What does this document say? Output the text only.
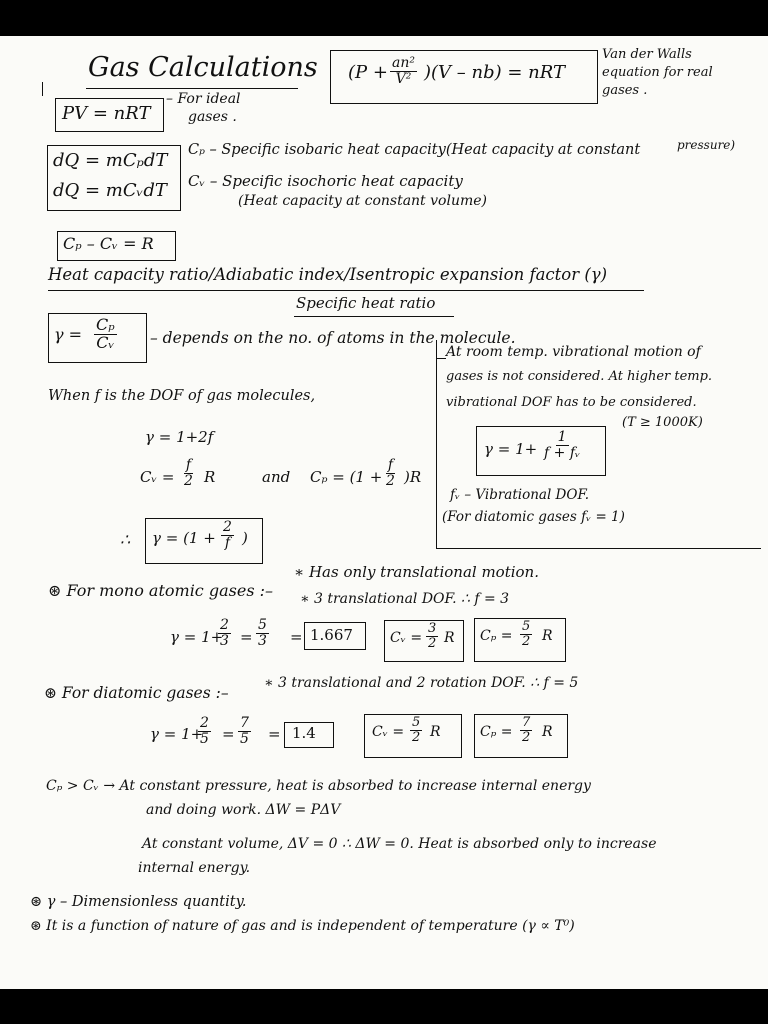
Gas Calculations
PV = nRT
– For ideal
gases .
$(P + \frac{\text{an²}}{\text{V²}} )(V - nb)$ = nRT
Van der Walls
equation for real
gases .
dQ = mCₚdT
dQ = mCᵥdT
Cₚ – Specific isobaric heat capacity(Heat capacity at constant	pressure)
Cᵥ – Specific isochoric heat capacity
(Heat capacity at constant volume)
Cₚ – Cᵥ = R
Heat capacity ratio/Adiabatic index/Isentropic expansion factor (γ)
Specific heat ratio
$\gamma = \frac{\text{Cₚ}}{\text{Cᵥ}}$ – depends on the no. of atoms in the molecule.
When f is the DOF of gas molecules,
γ = 1+2f
Cᵥ = $\frac{f}{2}$ R	and $C_p = (1 + \frac{f}{2} )R$
∴ $\gamma = (1 + \frac{2}{f}$ )
At room temp. vibrational motion of
gases is not considered. At higher temp.
vibrational DOF has to be considered.
(T ≥ 1000K)
$\gamma = 1+ \frac{1}{\text{f + fᵥ}}$
fᵥ – Vibrational DOF.
(For diatomic gases fᵥ = 1)
⊛ For mono atomic gases :–
∗ Has only translational motion.
∗ 3 translational DOF. ∴ f = 3
γ = 1+
$\frac{2}{3} = \frac{5}{3} = 1.667$	Cᵥ = $\frac{3}{2}$ R $C_p = \frac{5}{2}$ R
⊛ For diatomic gases :–
∗ 3 translational and 2 rotation DOF. ∴ f = 5
γ = 1+
$\frac{2}{5} = \frac{7}{5} = 1.4$	Cᵥ = $\frac{5}{2}$ R	$C_p = \frac{7}{2}$ R
Cₚ > Cᵥ → At constant pressure, heat is absorbed to increase internal energy
and doing work. ΔW = PΔV
At constant volume, ΔV = 0 ∴ ΔW = 0. Heat is absorbed only to increase
internal energy.
⊛ γ – Dimensionless quantity.
⊛ It is a function of nature of gas and is independent of temperature (γ ∝ T⁰)
